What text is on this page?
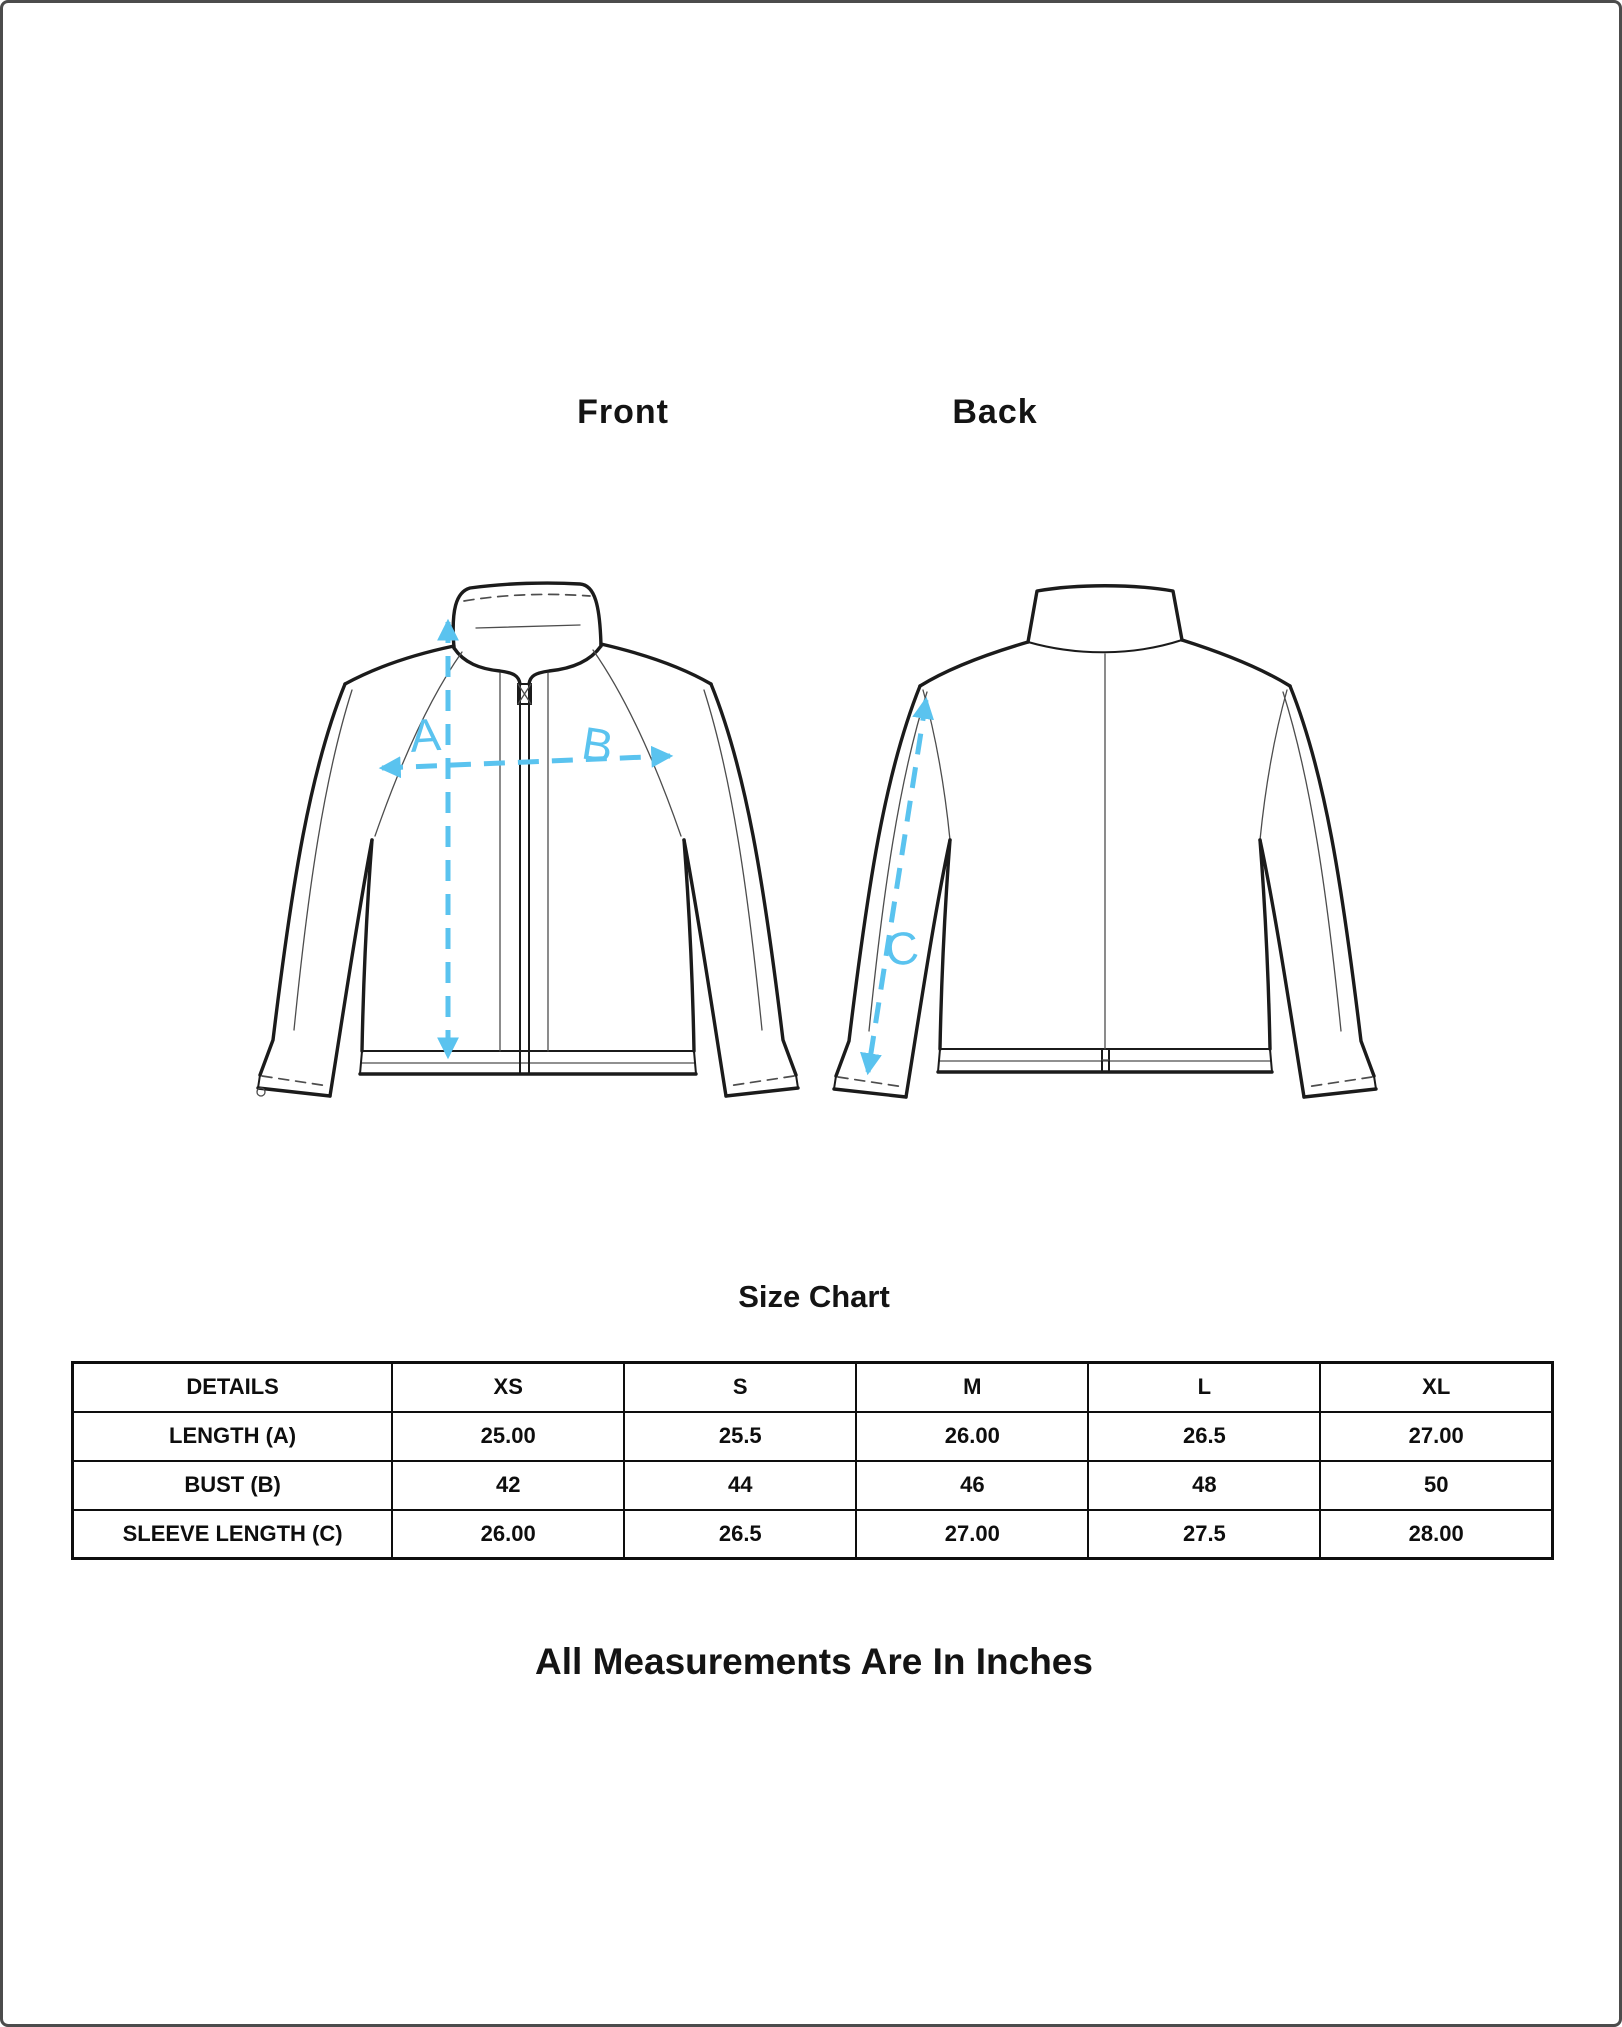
Front	Back
A	B
C
Size Chart
DETAILS	XS	S	M	L	XL
LENGTH (A)	25.00	25.5	26.00	26.5	27.00
BUST (B)	42	44	46	48	50
SLEEVE LENGTH (C)	26.00	26.5	27.00	27.5	28.00
All Measurements Are In Inches
